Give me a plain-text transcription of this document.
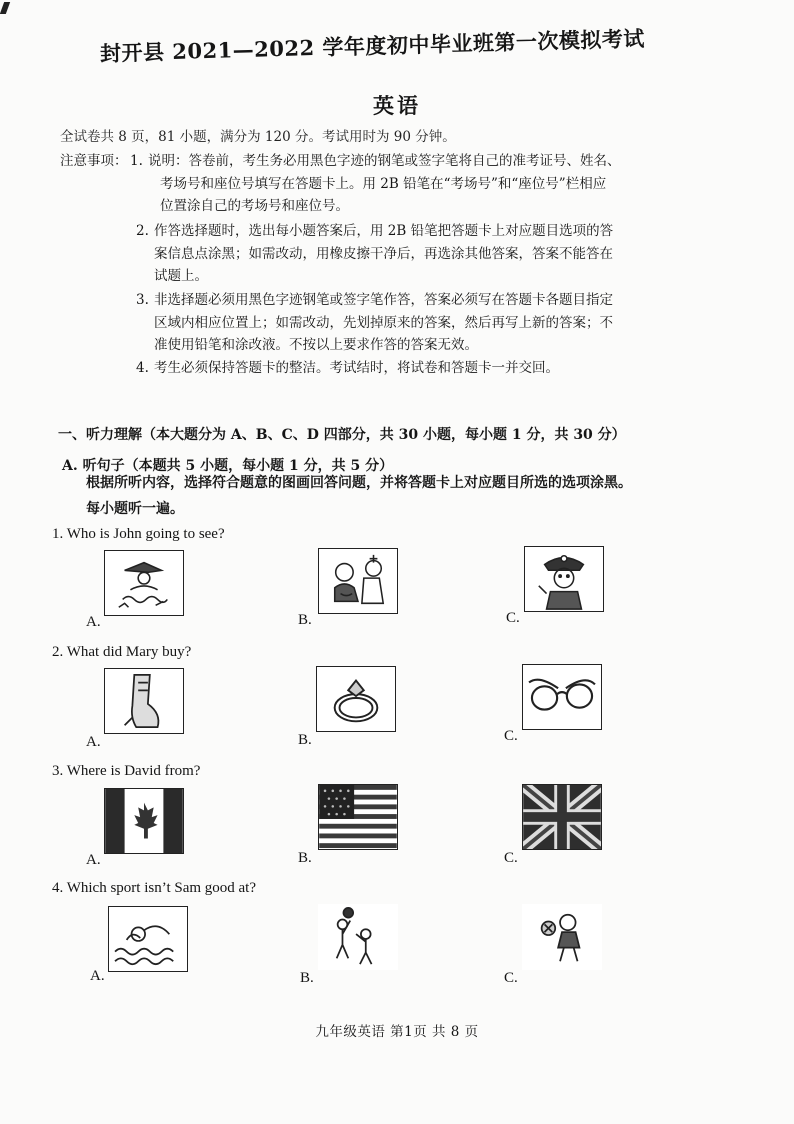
封开县 2021—2022 学年度初中毕业班第一次模拟考试
英语
全试卷共 8 页，81 小题，满分为 120 分。考试用时为 90 分钟。
注意事项： 1. 说明：答卷前，考生务必用黑色字迹的钢笔或签字笔将自己的准考证号、姓名、
考场号和座位号填写在答题卡上。用 2B 铅笔在“考场号”和“座位号”栏相应
位置涂自己的考场号和座位号。
2. 作答选择题时，选出每小题答案后，用 2B 铅笔把答题卡上对应题目选项的答
案信息点涂黑；如需改动，用橡皮擦干净后，再选涂其他答案，答案不能答在
试题上。
3. 非选择题必须用黑色字迹钢笔或签字笔作答，答案必须写在答题卡各题目指定
区域内相应位置上；如需改动，先划掉原来的答案，然后再写上新的答案；不
准使用铅笔和涂改液。不按以上要求作答的答案无效。
4. 考生必须保持答题卡的整洁。考试结时，将试卷和答题卡一并交回。
一、听力理解（本大题分为 A、B、C、D 四部分，共 30 小题，每小题 1 分，共 30 分）
A. 听句子（本题共 5 小题，每小题 1 分，共 5 分）
根据所听内容，选择符合题意的图画回答问题，并将答题卡上对应题目所选的选项涂黑。
每小题听一遍。
1. Who is John going to see?
A.	B.	C.
2. What did Mary buy?
A.	B.	C.
3. Where is David from?
A.	B.	C.
4. Which sport isn’t Sam good at?
A.	B.	C.
九年级英语 第1页 共 8 页
